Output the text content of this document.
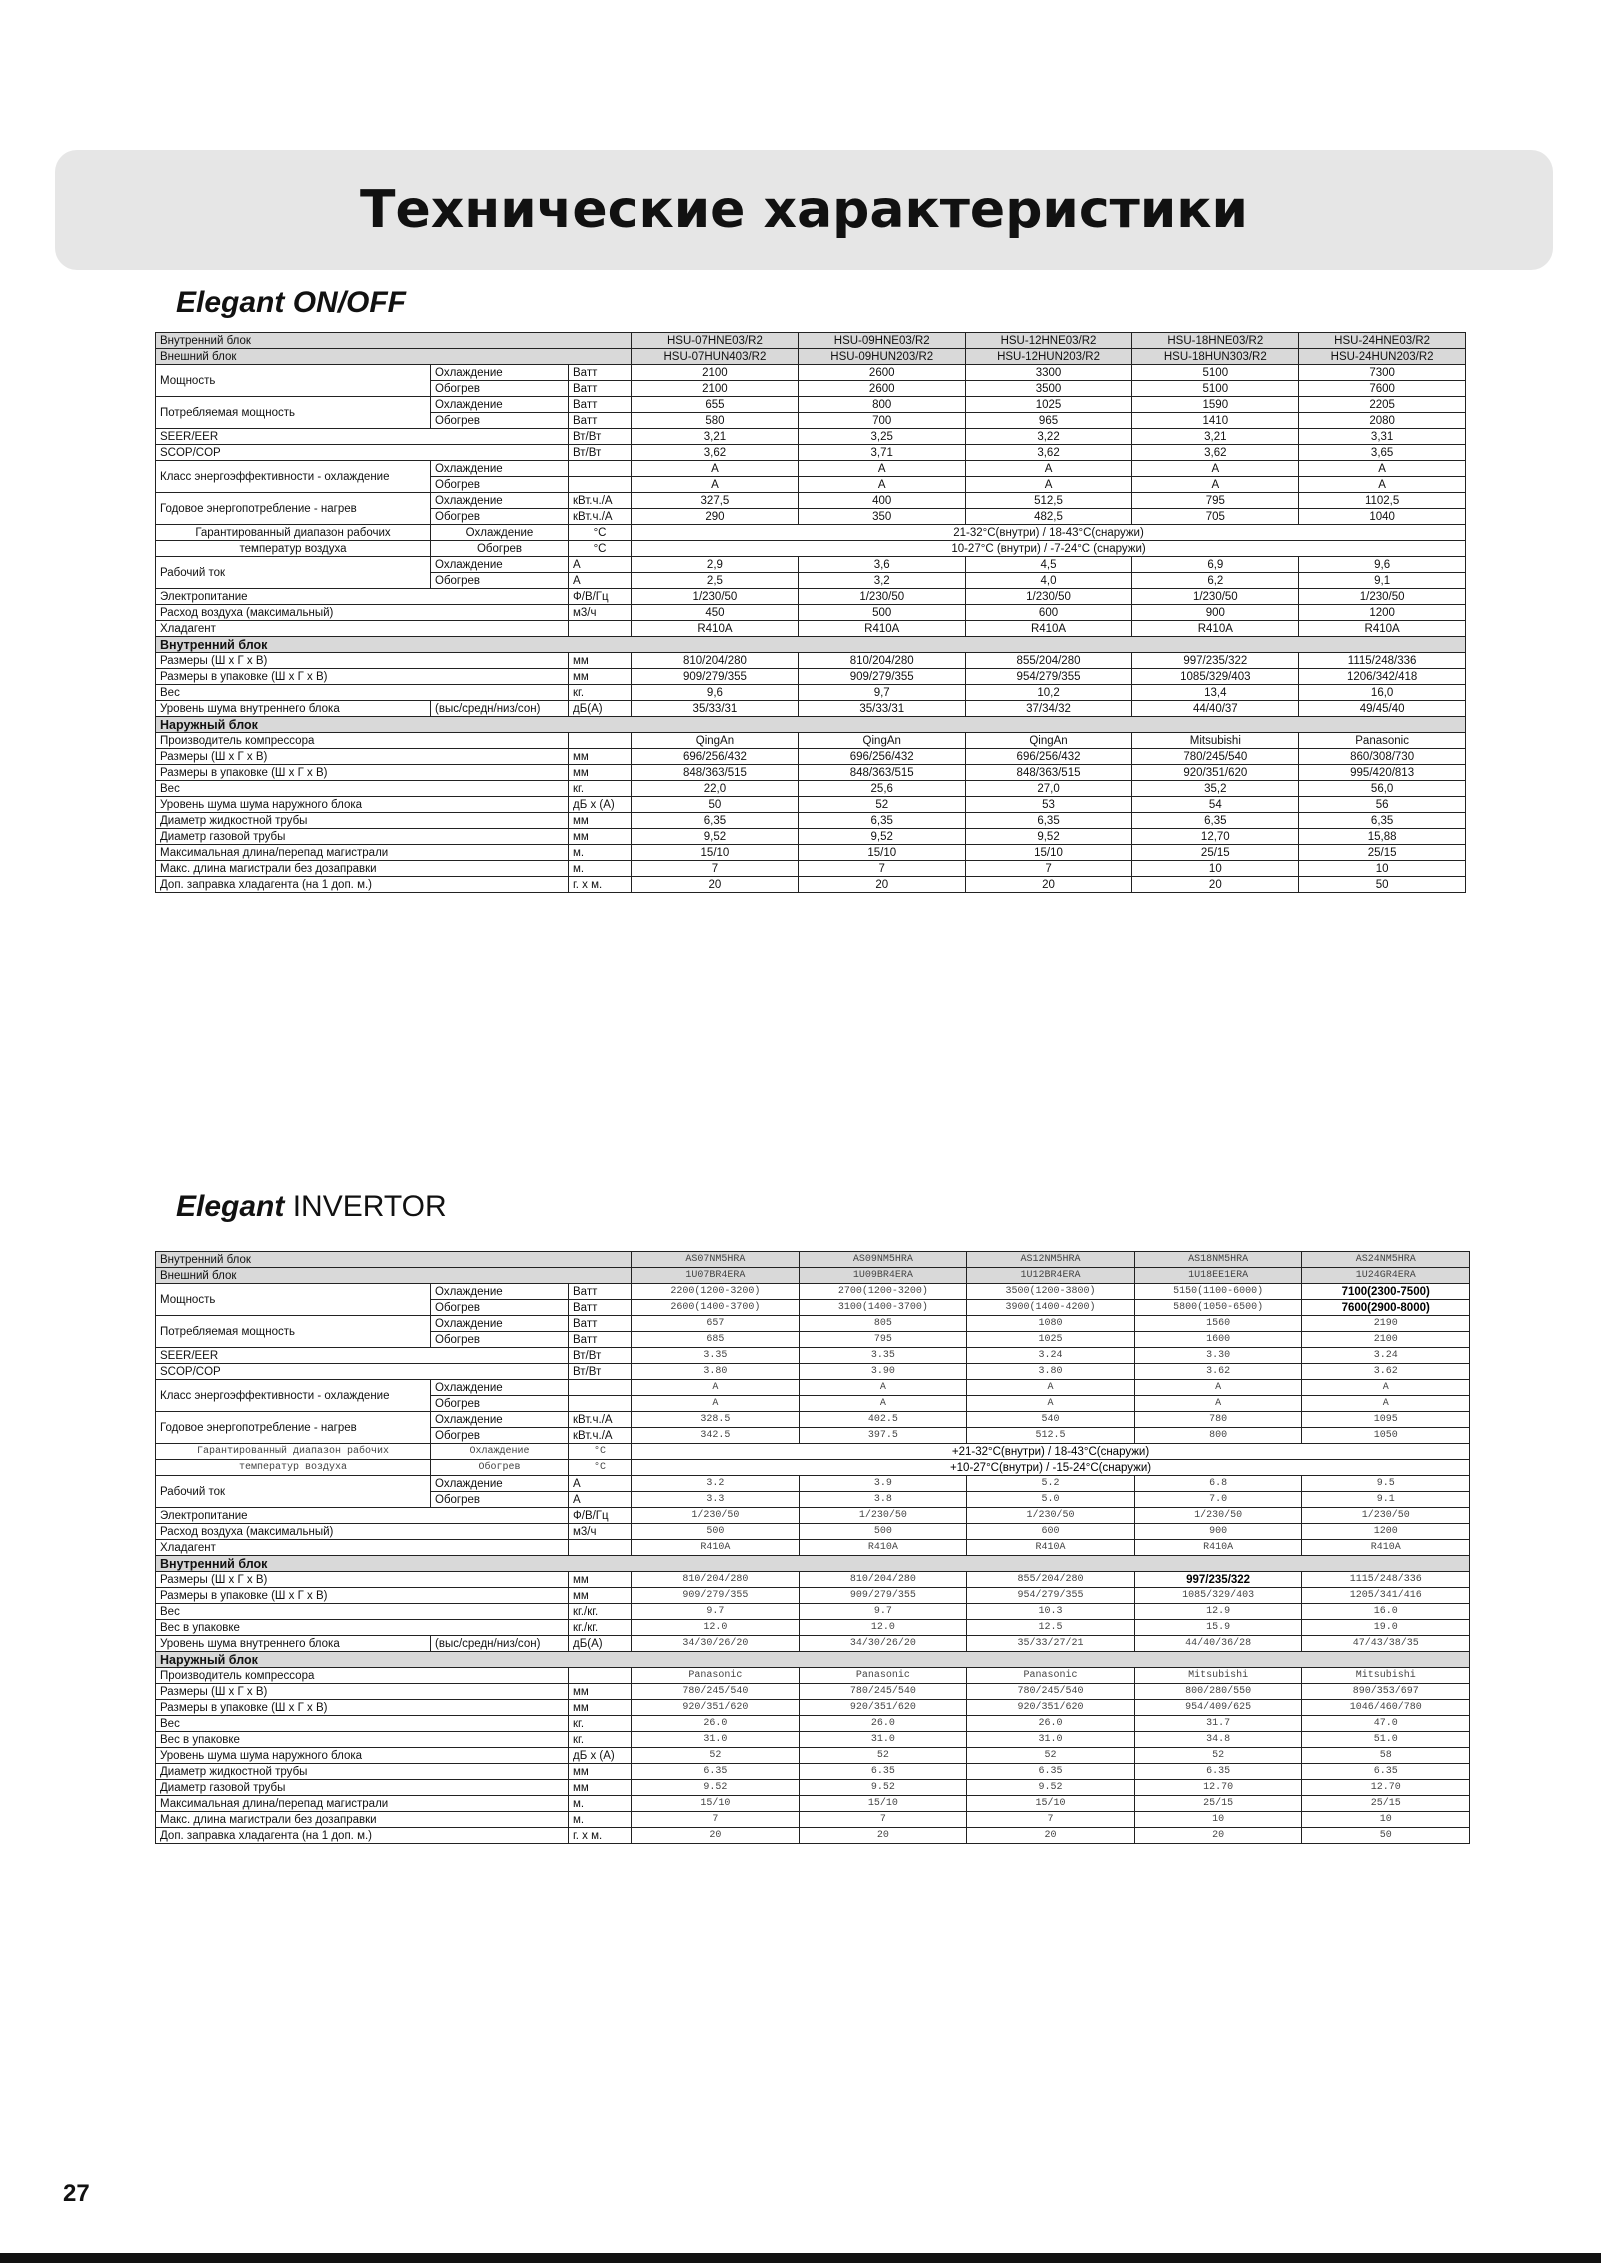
Технические характеристики
Elegant ON/OFF
Внутренний блок			HSU-07HNE03/R2	HSU-09HNE03/R2	HSU-12HNE03/R2	HSU-18HNE03/R2	HSU-24HNE03/R2
Внешний блок			HSU-07HUN403/R2	HSU-09HUN203/R2	HSU-12HUN203/R2	HSU-18HUN303/R2	HSU-24HUN203/R2
Мощность	Охлаждение	Ватт	2100	2600	3300	5100	7300
	Обогрев	Ватт	2100	2600	3500	5100	7600
Потребляемая мощность	Охлаждение	Ватт	655	800	1025	1590	2205
	Обогрев	Ватт	580	700	965	1410	2080
SEER/EER		Вт/Вт	3,21	3,25	3,22	3,21	3,31
SCOP/COP		Вт/Вт	3,62	3,71	3,62	3,62	3,65
Класс энергоэффективности - охлаждение	Охлаждение		A	A	A	A	A
	Обогрев		A	A	A	A	A
Годовое энергопотребление - нагрев	Охлаждение	кВт.ч./А	327,5	400	512,5	795	1102,5
	Обогрев	кВт.ч./А	290	350	482,5	705	1040
Гарантированный диапазон рабочих	Охлаждение	°C	21-32°C(внутри) / 18-43°C(снаружи)				
температур воздуха	Обогрев	°C	10-27°C (внутри) / -7-24°C (снаружи)				
Рабочий ток	Охлаждение	A	2,9	3,6	4,5	6,9	9,6
	Обогрев	A	2,5	3,2	4,0	6,2	9,1
Электропитание		Ф/В/Гц	1/230/50	1/230/50	1/230/50	1/230/50	1/230/50
Расход воздуха (максимальный)		м3/ч	450	500	600	900	1200
Хладагент			R410A	R410A	R410A	R410A	R410A
Внутренний блок							
Размеры (Ш x Г x В)		мм	810/204/280	810/204/280	855/204/280	997/235/322	1115/248/336
Размеры в упаковке (Ш x Г x В)		мм	909/279/355	909/279/355	954/279/355	1085/329/403	1206/342/418
Вес		кг.	9,6	9,7	10,2	13,4	16,0
Уровень шума внутреннего блока	(выс/средн/низ/сон)	дБ(А)	35/33/31	35/33/31	37/34/32	44/40/37	49/45/40
Наружный блок							
Производитель компрессора			QingAn	QingAn	QingAn	Mitsubishi	Panasonic
Размеры (Ш x Г x В)		мм	696/256/432	696/256/432	696/256/432	780/245/540	860/308/730
Размеры в упаковке (Ш x Г x В)		мм	848/363/515	848/363/515	848/363/515	920/351/620	995/420/813
Вес		кг.	22,0	25,6	27,0	35,2	56,0
Уровень шума шума наружного блока		дБ x (А)	50	52	53	54	56
Диаметр жидкостной трубы		мм	6,35	6,35	6,35	6,35	6,35
Диаметр газовой трубы		мм	9,52	9,52	9,52	12,70	15,88
Максимальная длина/перепад магистрали		м.	15/10	15/10	15/10	25/15	25/15
Макс. длина магистрали без дозаправки		м.	7	7	7	10	10
Доп. заправка хладагента (на 1 доп. м.)		г. x м.	20	20	20	20	50
Elegant INVERTOR
Внутренний блок			AS07NM5HRA	AS09NM5HRA	AS12NM5HRA	AS18NM5HRA	AS24NM5HRA
Внешний блок			1U07BR4ERA	1U09BR4ERA	1U12BR4ERA	1U18EE1ERA	1U24GR4ERA
Мощность	Охлаждение	Ватт	2200(1200-3200)	2700(1200-3200)	3500(1200-3800)	5150(1100-6000)	7100(2300-7500)
	Обогрев	Ватт	2600(1400-3700)	3100(1400-3700)	3900(1400-4200)	5800(1050-6500)	7600(2900-8000)
Потребляемая мощность	Охлаждение	Ватт	657	805	1080	1560	2190
	Обогрев	Ватт	685	795	1025	1600	2100
SEER/EER		Вт/Вт	3.35	3.35	3.24	3.30	3.24
SCOP/COP		Вт/Вт	3.80	3.90	3.80	3.62	3.62
Класс энергоэффективности - охлаждение	Охлаждение		A	A	A	A	A
	Обогрев		A	A	A	A	A
Годовое энергопотребление - нагрев	Охлаждение	кВт.ч./А	328.5	402.5	540	780	1095
	Обогрев	кВт.ч./А	342.5	397.5	512.5	800	1050
Гарантированный диапазон рабочих	Охлаждение	°C	+21-32°C(внутри) / 18-43°C(снаружи)				
температур воздуха	Обогрев	°C	+10-27°C(внутри) / -15-24°C(снаружи)				
Рабочий ток	Охлаждение	A	3.2	3.9	5.2	6.8	9.5
	Обогрев	A	3.3	3.8	5.0	7.0	9.1
Электропитание		Ф/В/Гц	1/230/50	1/230/50	1/230/50	1/230/50	1/230/50
Расход воздуха (максимальный)		м3/ч	500	500	600	900	1200
Хладагент			R410A	R410A	R410A	R410A	R410A
Внутренний блок							
Размеры (Ш x Г x В)		мм	810/204/280	810/204/280	855/204/280	997/235/322	1115/248/336
Размеры в упаковке (Ш x Г x В)		мм	909/279/355	909/279/355	954/279/355	1085/329/403	1205/341/416
Вес		кг./кг.	9.7	9.7	10.3	12.9	16.0
Вес в упаковке		кг./кг.	12.0	12.0	12.5	15.9	19.0
Уровень шума внутреннего блока	(выс/средн/низ/сон)	дБ(А)	34/30/26/20	34/30/26/20	35/33/27/21	44/40/36/28	47/43/38/35
Наружный блок							
Производитель компрессора			Panasonic	Panasonic	Panasonic	Mitsubishi	Mitsubishi
Размеры (Ш x Г x В)		мм	780/245/540	780/245/540	780/245/540	800/280/550	890/353/697
Размеры в упаковке (Ш x Г x В)		мм	920/351/620	920/351/620	920/351/620	954/409/625	1046/460/780
Вес		кг.	26.0	26.0	26.0	31.7	47.0
Вес в упаковке		кг.	31.0	31.0	31.0	34.8	51.0
Уровень шума шума наружного блока		дБ x (А)	52	52	52	52	58
Диаметр жидкостной трубы		мм	6.35	6.35	6.35	6.35	6.35
Диаметр газовой трубы		мм	9.52	9.52	9.52	12.70	12.70
Максимальная длина/перепад магистрали		м.	15/10	15/10	15/10	25/15	25/15
Макс. длина магистрали без дозаправки		м.	7	7	7	10	10
Доп. заправка хладагента (на 1 доп. м.)		г. x м.	20	20	20	20	50
27
